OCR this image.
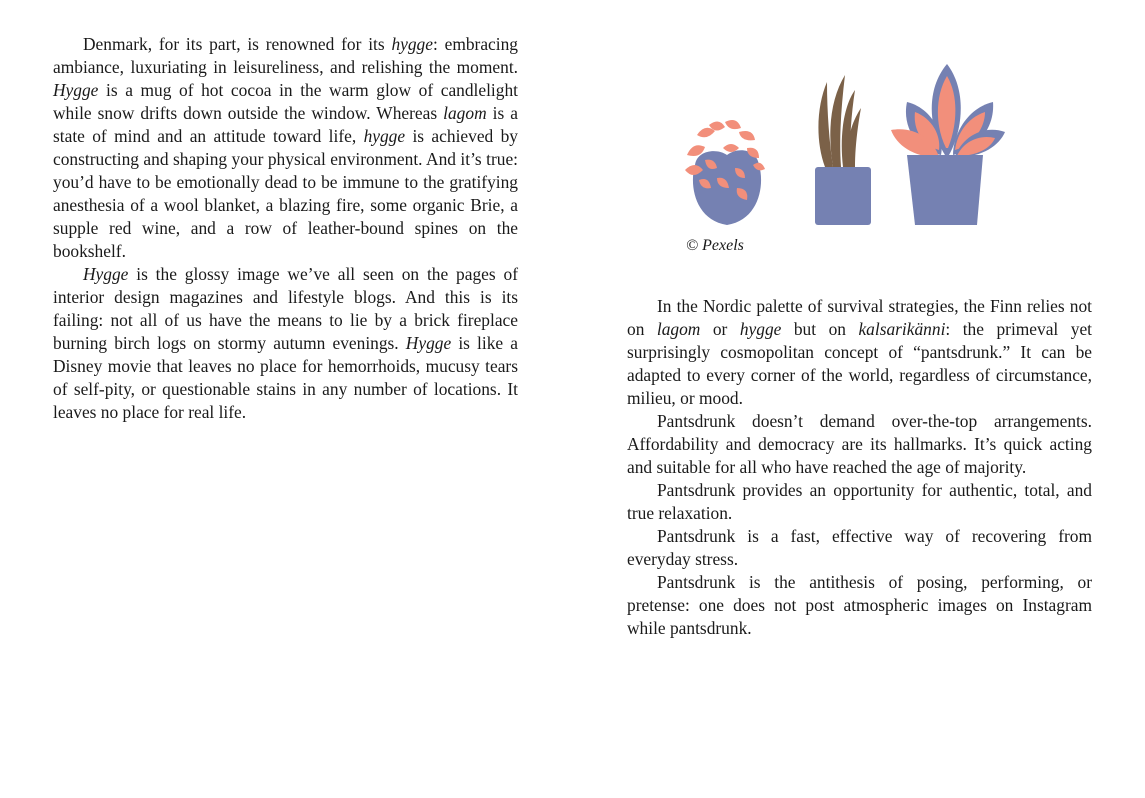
Denmark, for its part, is renowned for its hygge: embracing ambiance, luxuriating in leisureliness, and relishing the moment. Hygge is a mug of hot cocoa in the warm glow of candlelight while snow drifts down outside the window. Whereas lagom is a state of mind and an attitude toward life, hygge is achieved by constructing and shaping your physical environment. And it’s true: you’d have to be emotionally dead to be immune to the gratifying anesthesia of a wool blanket, a blazing fire, some organic Brie, a supple red wine, and a row of leather-bound spines on the bookshelf.

Hygge is the glossy image we’ve all seen on the pages of interior design magazines and lifestyle blogs. And this is its failing: not all of us have the means to lie by a brick fireplace burning birch logs on stormy autumn evenings. Hygge is like a Disney movie that leaves no place for hemorrhoids, mucusy tears of self-pity, or questionable stains in any number of locations. It leaves no place for real life.

© Pexels

In the Nordic palette of survival strategies, the Finn relies not on lagom or hygge but on kalsarikänni: the primeval yet surprisingly cosmopolitan concept of “pantsdrunk.” It can be adapted to every corner of the world, regardless of circumstance, milieu, or mood.

Pantsdrunk doesn’t demand over-the-top arrangements. Affordability and democracy are its hallmarks. It’s quick acting and suitable for all who have reached the age of majority.

Pantsdrunk provides an opportunity for authentic, total, and true relaxation.

Pantsdrunk is a fast, effective way of recovering from everyday stress.

Pantsdrunk is the antithesis of posing, performing, or pretense: one does not post atmospheric images on Instagram while pantsdrunk.
